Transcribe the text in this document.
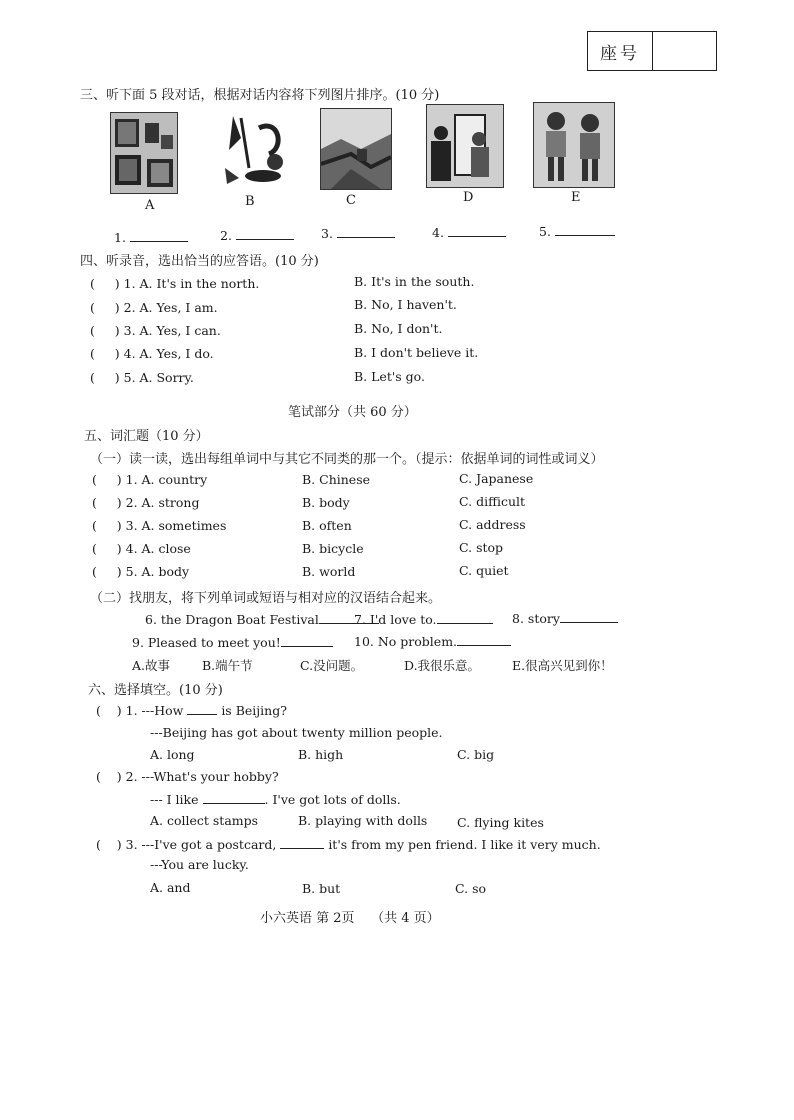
座号
三、听下面 5 段对话，根据对话内容将下列图片排序。(10 分)
A	B	C	D	E
1.	2.	3.	4.	5.
四、听录音，选出恰当的应答语。(10 分)
( ) 1. A. It's in the north.	B. It's in the south.
( ) 2. A. Yes, I am.	B. No, I haven't.
( ) 3. A. Yes, I can.	B. No, I don't.
( ) 4. A. Yes, I do.	B. I don't believe it.
( ) 5. A. Sorry.	B. Let's go.
笔试部分（共 60 分）
五、词汇题（10 分）
（一）读一读，选出每组单词中与其它不同类的那一个。（提示：依据单词的词性或词义）
( ) 1. A. country	B. Chinese	C. Japanese
( ) 2. A. strong	B. body	C. difficult
( ) 3. A. sometimes	B. often	C. address
( ) 4. A. close	B. bicycle	C. stop
( ) 5. A. body	B. world	C. quiet
（二）找朋友，将下列单词或短语与相对应的汉语结合起来。
6. the Dragon Boat Festival	7. I'd love to.	8. story
9. Pleased to meet you!	10. No problem.
A.故事	B.端午节	C.没问题。	D.我很乐意。	E.很高兴见到你！
六、选择填空。(10 分)
( ) 1. ---How	is Beijing?
---Beijing has got about twenty million people.
A. long	B. high	C. big
( ) 2. ---What's your hobby?
--- I like	. I've got lots of dolls.
A. collect stamps	B. playing with dolls C. flying kites
( ) 3. ---I've got a postcard,	it's from my pen friend. I like it very much.
---You are lucky.
A. and	B. but	C. so
小六英语 第 2页    （共 4 页）
